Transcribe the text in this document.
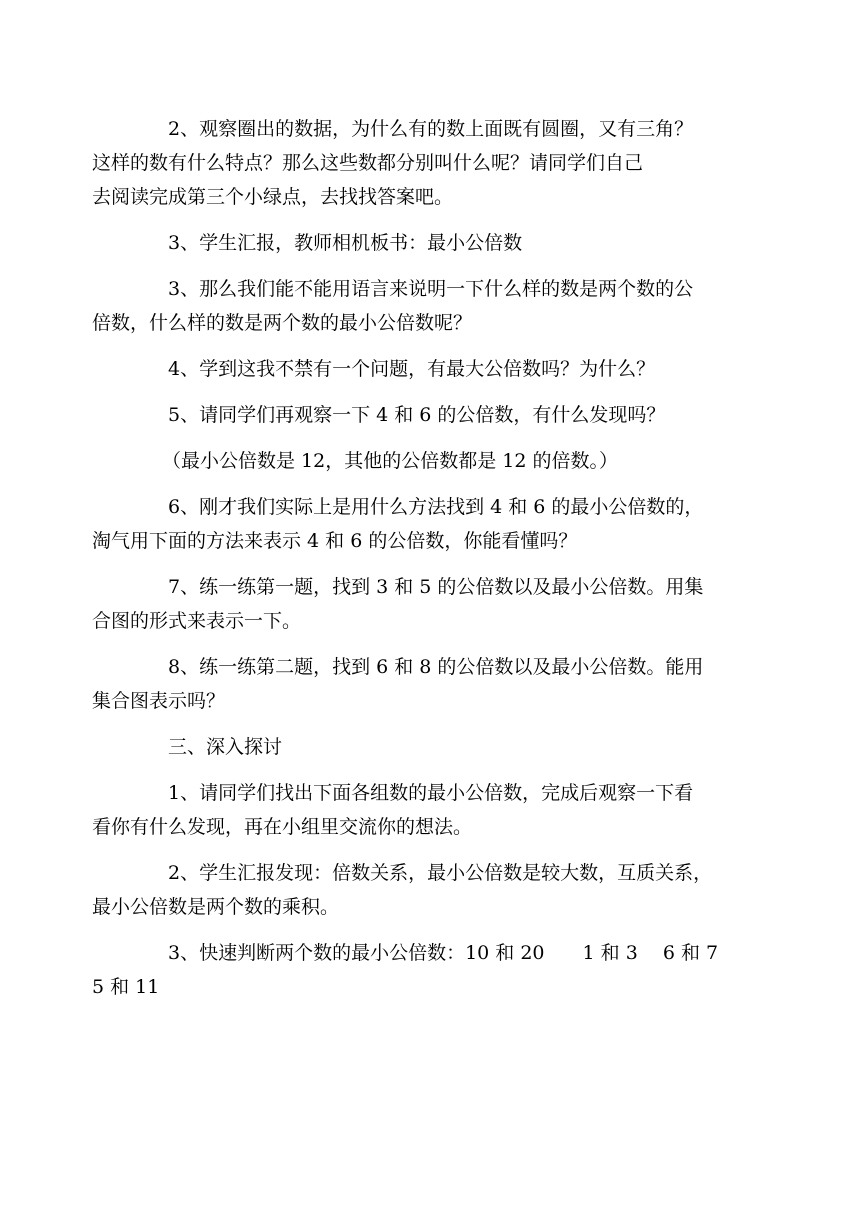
2、观察圈出的数据，为什么有的数上面既有圆圈，又有三角？
这样的数有什么特点？那么这些数都分别叫什么呢？请同学们自己
去阅读完成第三个小绿点，去找找答案吧。
3、学生汇报，教师相机板书：最小公倍数
3、那么我们能不能用语言来说明一下什么样的数是两个数的公
倍数，什么样的数是两个数的最小公倍数呢？
4、学到这我不禁有一个问题，有最大公倍数吗？为什么？
5、请同学们再观察一下 4 和 6 的公倍数，有什么发现吗？
（最小公倍数是 12，其他的公倍数都是 12 的倍数。）
6、刚才我们实际上是用什么方法找到 4 和 6 的最小公倍数的，
淘气用下面的方法来表示 4 和 6 的公倍数，你能看懂吗？
7、练一练第一题，找到 3 和 5 的公倍数以及最小公倍数。用集
合图的形式来表示一下。
8、练一练第二题，找到 6 和 8 的公倍数以及最小公倍数。能用
集合图表示吗？
三、深入探讨
1、请同学们找出下面各组数的最小公倍数，完成后观察一下看
看你有什么发现，再在小组里交流你的想法。
2、学生汇报发现：倍数关系，最小公倍数是较大数，互质关系，
最小公倍数是两个数的乘积。
3、快速判断两个数的最小公倍数：10 和 20　　1 和 3　 6 和 7
5 和 11
